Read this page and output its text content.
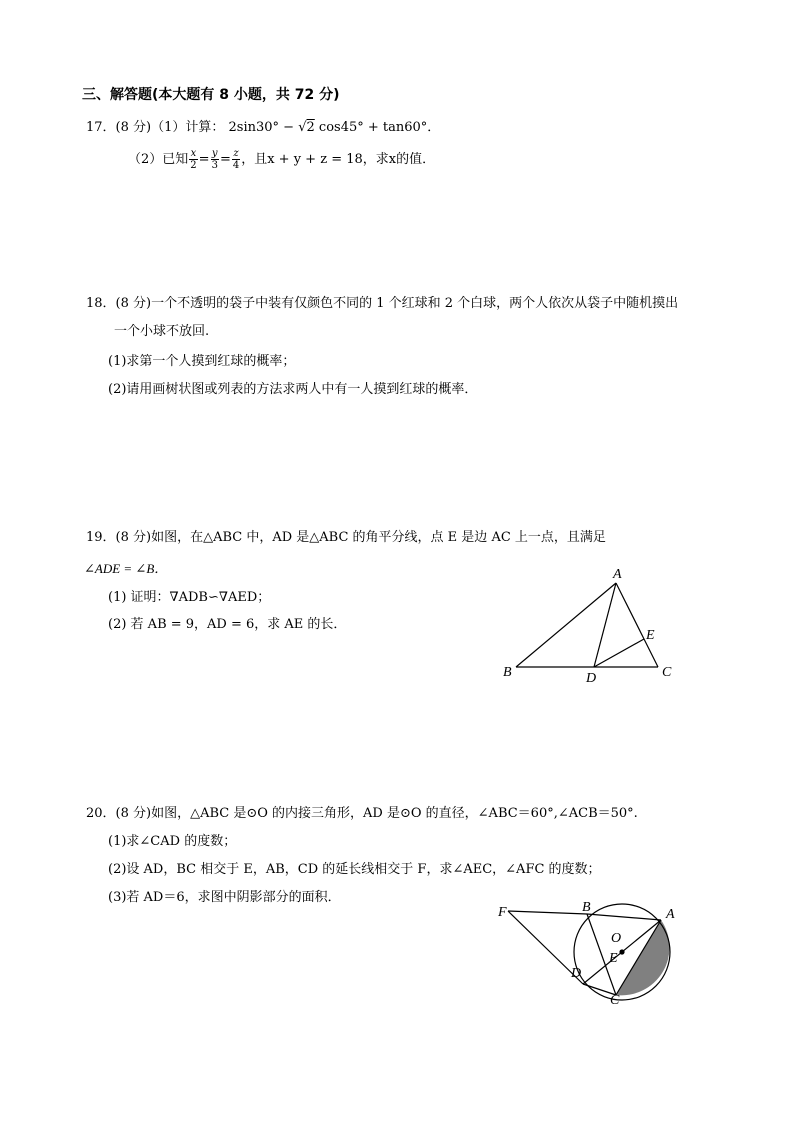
三、解答题(本大题有 8 小题，共 72 分)
17．(8 分)（1）计算： 2sin30° − √2 cos45° + tan60°．
（2）已知 $\frac{x}{2} = \frac{y}{3} = \frac{z}{4}$ ，且x + y + z = 18，求x的值．
18．(8 分)一个不透明的袋子中装有仅颜色不同的 1 个红球和 2 个白球，两个人依次从袋子中随机摸出
一个小球不放回.
(1)求第一个人摸到红球的概率；
(2)请用画树状图或列表的方法求两人中有一人摸到红球的概率．
19．(8 分)如图，在△ABC 中，AD 是△ABC 的角平分线，点 E 是边 AC 上一点，且满足
∠ADE = ∠B．
(1) 证明：∇ADB∽∇AED；
(2) 若 AB = 9，AD = 6，求 AE 的长．
A
B	C
D
E
20．(8 分)如图，△ABC 是⊙O 的内接三角形，AD 是⊙O 的直径，∠ABC＝60°,∠ACB＝50°.
(1)求∠CAD 的度数；
(2)设 AD，BC 相交于 E，AB，CD 的延长线相交于 F，求∠AEC，∠AFC 的度数；
(3)若 AD＝6，求图中阴影部分的面积．
F	B	A
O
E
D
C
